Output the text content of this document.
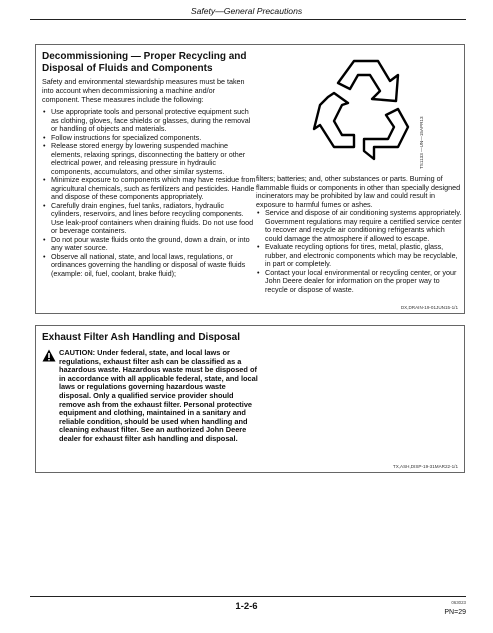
Safety—General Precautions
Decommissioning — Proper Recycling and
Disposal of Fluids and Components
Safety and environmental stewardship measures must be taken into account when decommissioning a machine and/or component. These measures include the following:
• Use appropriate tools and personal protective equipment such as clothing, gloves, face shields or glasses, during the removal or handling of objects and materials.
• Follow instructions for specialized components.
• Release stored energy by lowering suspended machine elements, relaxing springs, disconnecting the battery or other electrical power, and releasing pressure in hydraulic components, accumulators, and other similar systems.
• Minimize exposure to components which may have residue from agricultural chemicals, such as fertilizers and pesticides. Handle and dispose of these components appropriately.
• Carefully drain engines, fuel tanks, radiators, hydraulic cylinders, reservoirs, and lines before recycling components. Use leak-proof containers when draining fluids. Do not use food or beverage containers.
• Do not pour waste fluids onto the ground, down a drain, or into any water source.
• Observe all national, state, and local laws, regulations, or ordinances governing the handling or disposal of waste fluids (example: oil, fuel, coolant, brake fluid);
TS1133 —UN—15APR13
filters; batteries; and, other substances or parts. Burning of flammable fluids or components in other than specially designed incinerators may be prohibited by law and could result in exposure to harmful fumes or ashes.
• Service and dispose of air conditioning systems appropriately. Government regulations may require a certified service center to recover and recycle air conditioning refrigerants which could damage the atmosphere if allowed to escape.
• Evaluate recycling options for tires, metal, plastic, glass, rubber, and electronic components which may be recyclable, in part or completely.
• Contact your local environmental or recycling center, or your John Deere dealer for information on the proper way to recycle or dispose of waste.
DX,DRAIN-19-01JUN15-1/1
Exhaust Filter Ash Handling and Disposal
CAUTION: Under federal, state, and local laws or regulations, exhaust filter ash can be classified as a hazardous waste. Hazardous waste must be disposed of in accordance with all applicable federal, state, and local laws or regulations governing hazardous waste disposal. Only a qualified service provider should remove ash from the exhaust filter. Personal protective equipment and clothing, maintained in a sanitary and reliable condition, should be used when handling and cleaning exhaust filter. See an authorized John Deere dealer for exhaust filter ash handling and disposal.
TX,ASH,DISP-19-31MAR22-1/1
1-2-6	063023
PN=29
